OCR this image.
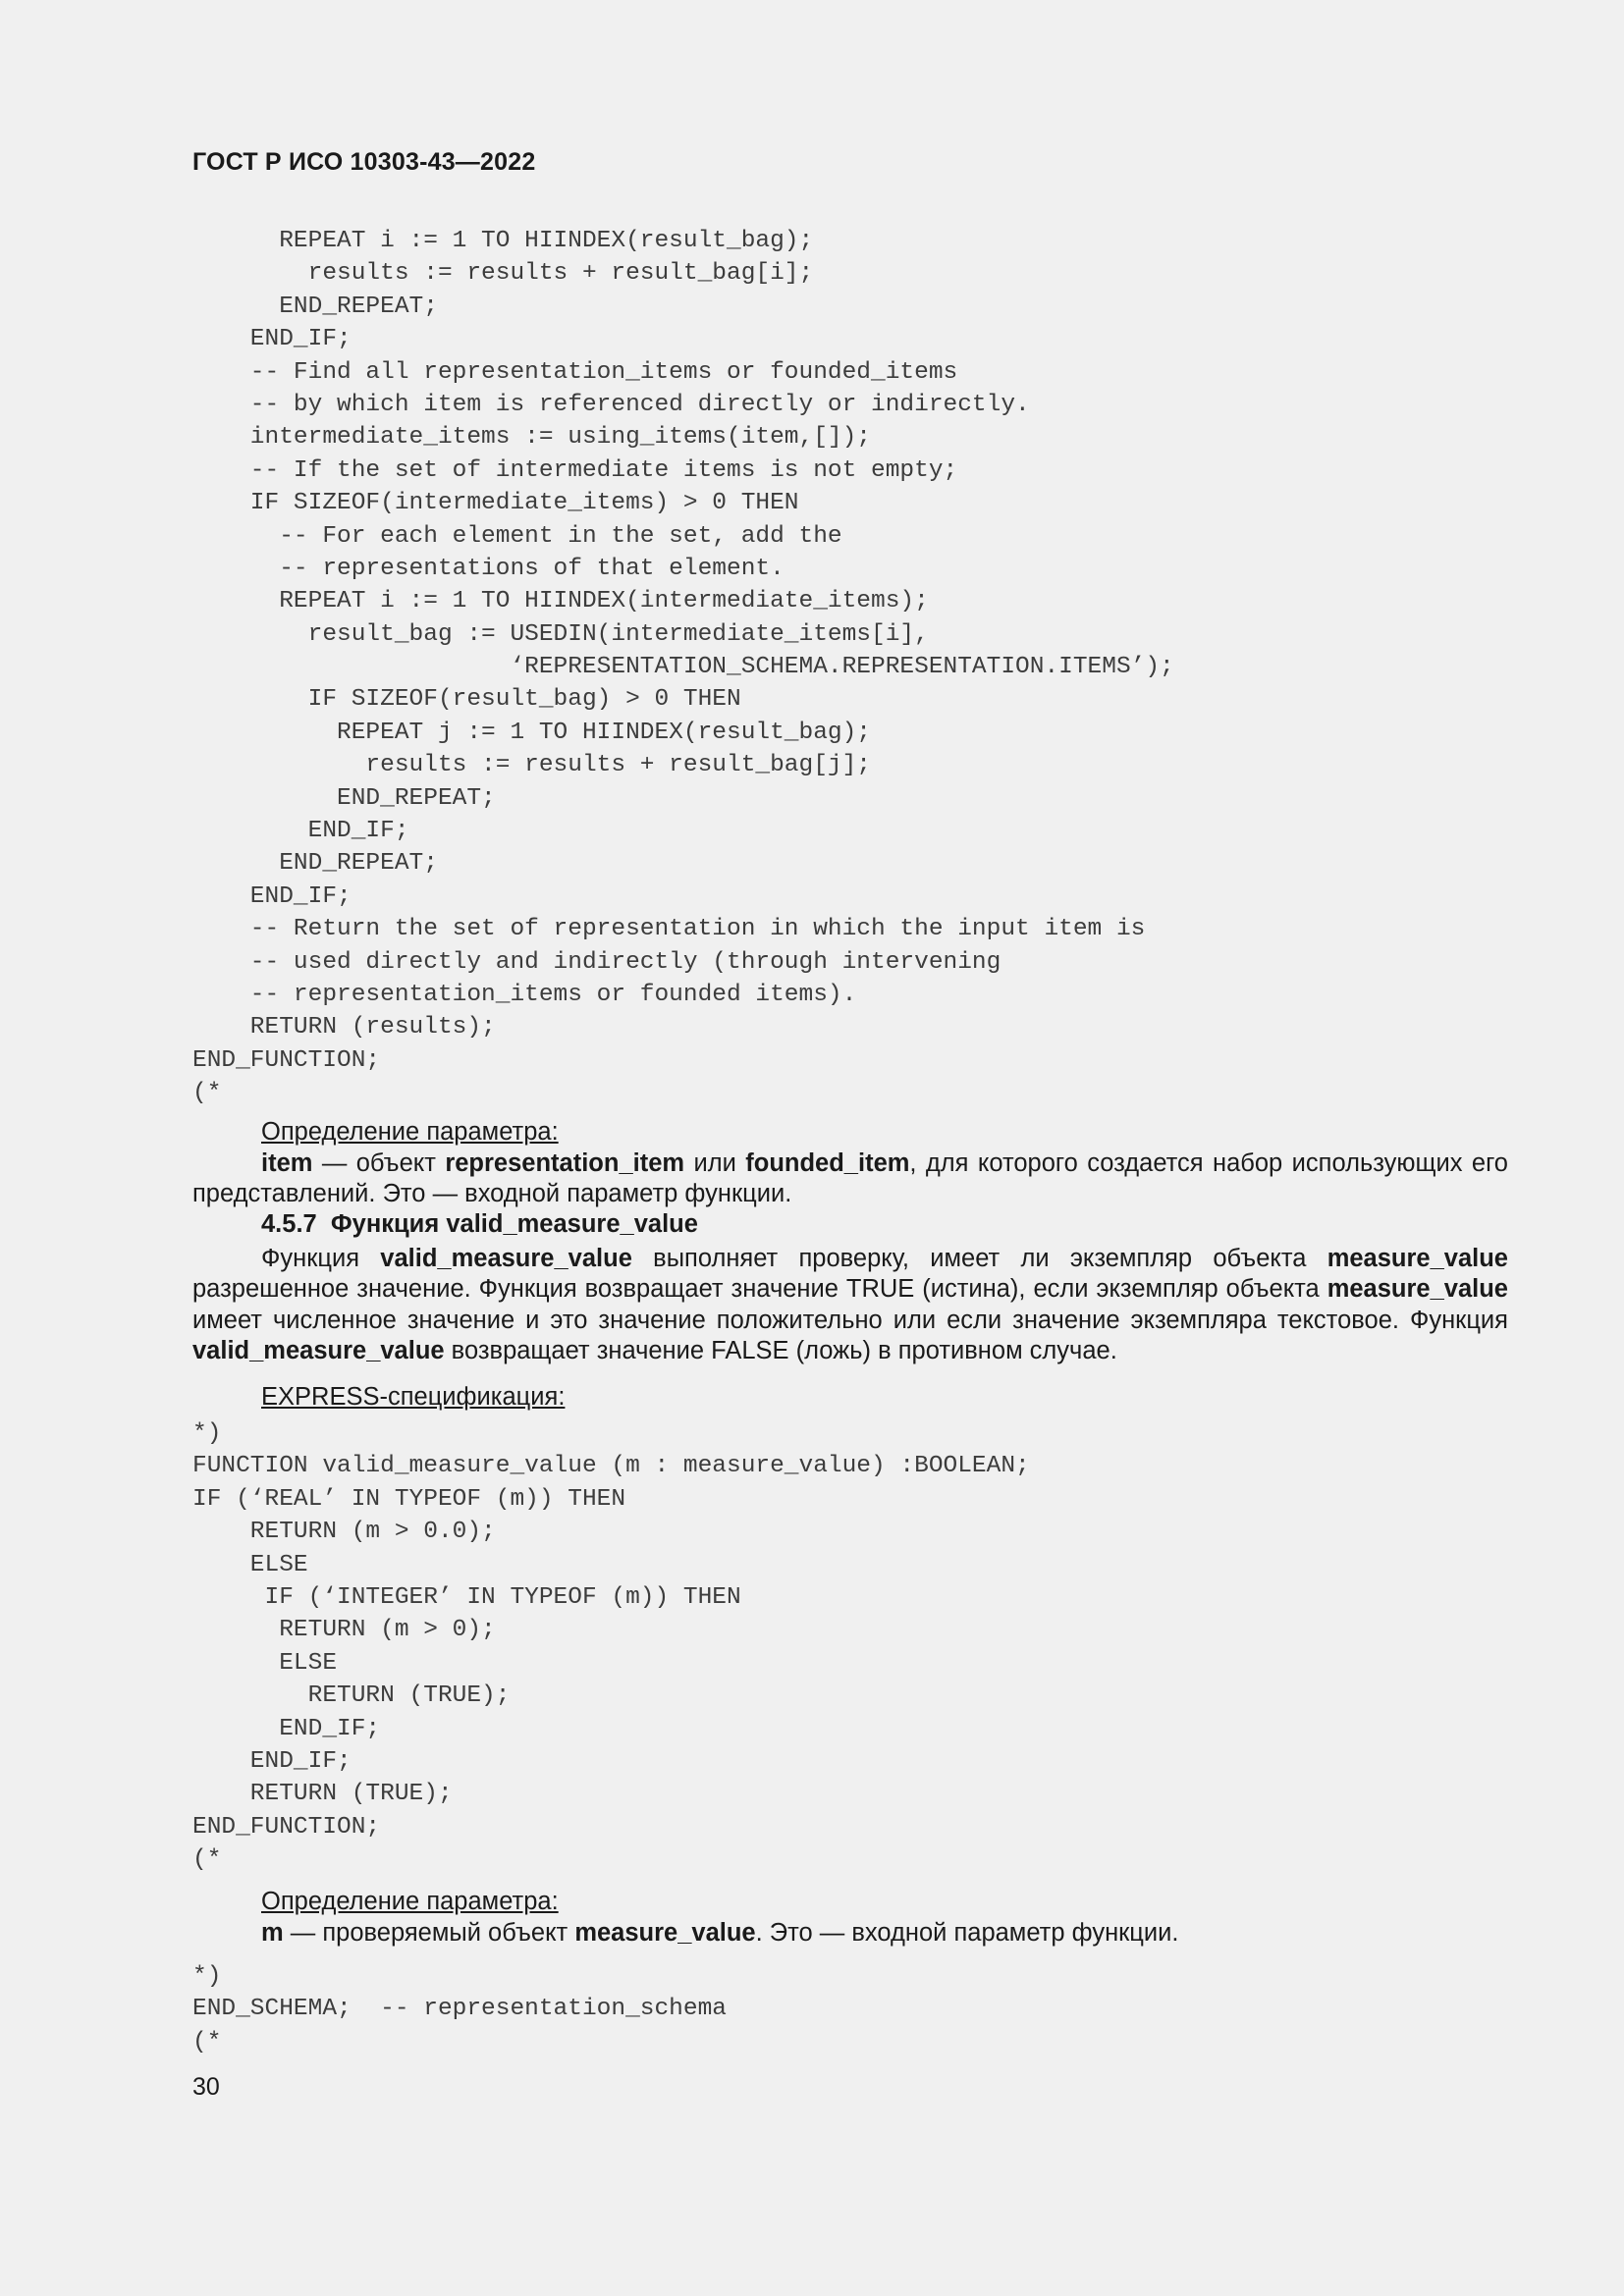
ГОСТ Р ИСО 10303-43—2022
REPEAT i := 1 TO HIINDEX(result_bag);
results := results + result_bag[i];
END_REPEAT;
END_IF;
-- Find all representation_items or founded_items
-- by which item is referenced directly or indirectly.
intermediate_items := using_items(item,[]);
-- If the set of intermediate items is not empty;
IF SIZEOF(intermediate_items) > 0 THEN
-- For each element in the set, add the
-- representations of that element.
REPEAT i := 1 TO HIINDEX(intermediate_items);
result_bag := USEDIN(intermediate_items[i],
‘REPRESENTATION_SCHEMA.REPRESENTATION.ITEMS’);
IF SIZEOF(result_bag) > 0 THEN
REPEAT j := 1 TO HIINDEX(result_bag);
results := results + result_bag[j];
END_REPEAT;
END_IF;
END_REPEAT;
END_IF;
-- Return the set of representation in which the input item is
-- used directly and indirectly (through intervening
-- representation_items or founded items).
RETURN (results);
END_FUNCTION;
(*
Определение параметра:

item — объект representation_item или founded_item, для которого создается набор использующих его представлений. Это — входной параметр функции.

4.5.7 Функция valid_measure_value

Функция valid_measure_value выполняет проверку, имеет ли экземпляр объекта measure_value разрешенное значение. Функция возвращает значение TRUE (истина), если экземпляр объекта measure_value имеет численное значение и это значение положительно или если значение экземпляра текстовое. Функция valid_measure_value возвращает значение FALSE (ложь) в противном случае.

EXPRESS-спецификация:
*)
FUNCTION valid_measure_value (m : measure_value) :BOOLEAN;
IF (‘REAL’ IN TYPEOF (m)) THEN
RETURN (m > 0.0);
ELSE
IF (‘INTEGER’ IN TYPEOF (m)) THEN
RETURN (m > 0);
ELSE
RETURN (TRUE);
END_IF;
END_IF;
RETURN (TRUE);
END_FUNCTION;
(*
Определение параметра:

m — проверяемый объект measure_value. Это — входной параметр функции.

*)
END_SCHEMA;  -- representation_schema
(*
30
